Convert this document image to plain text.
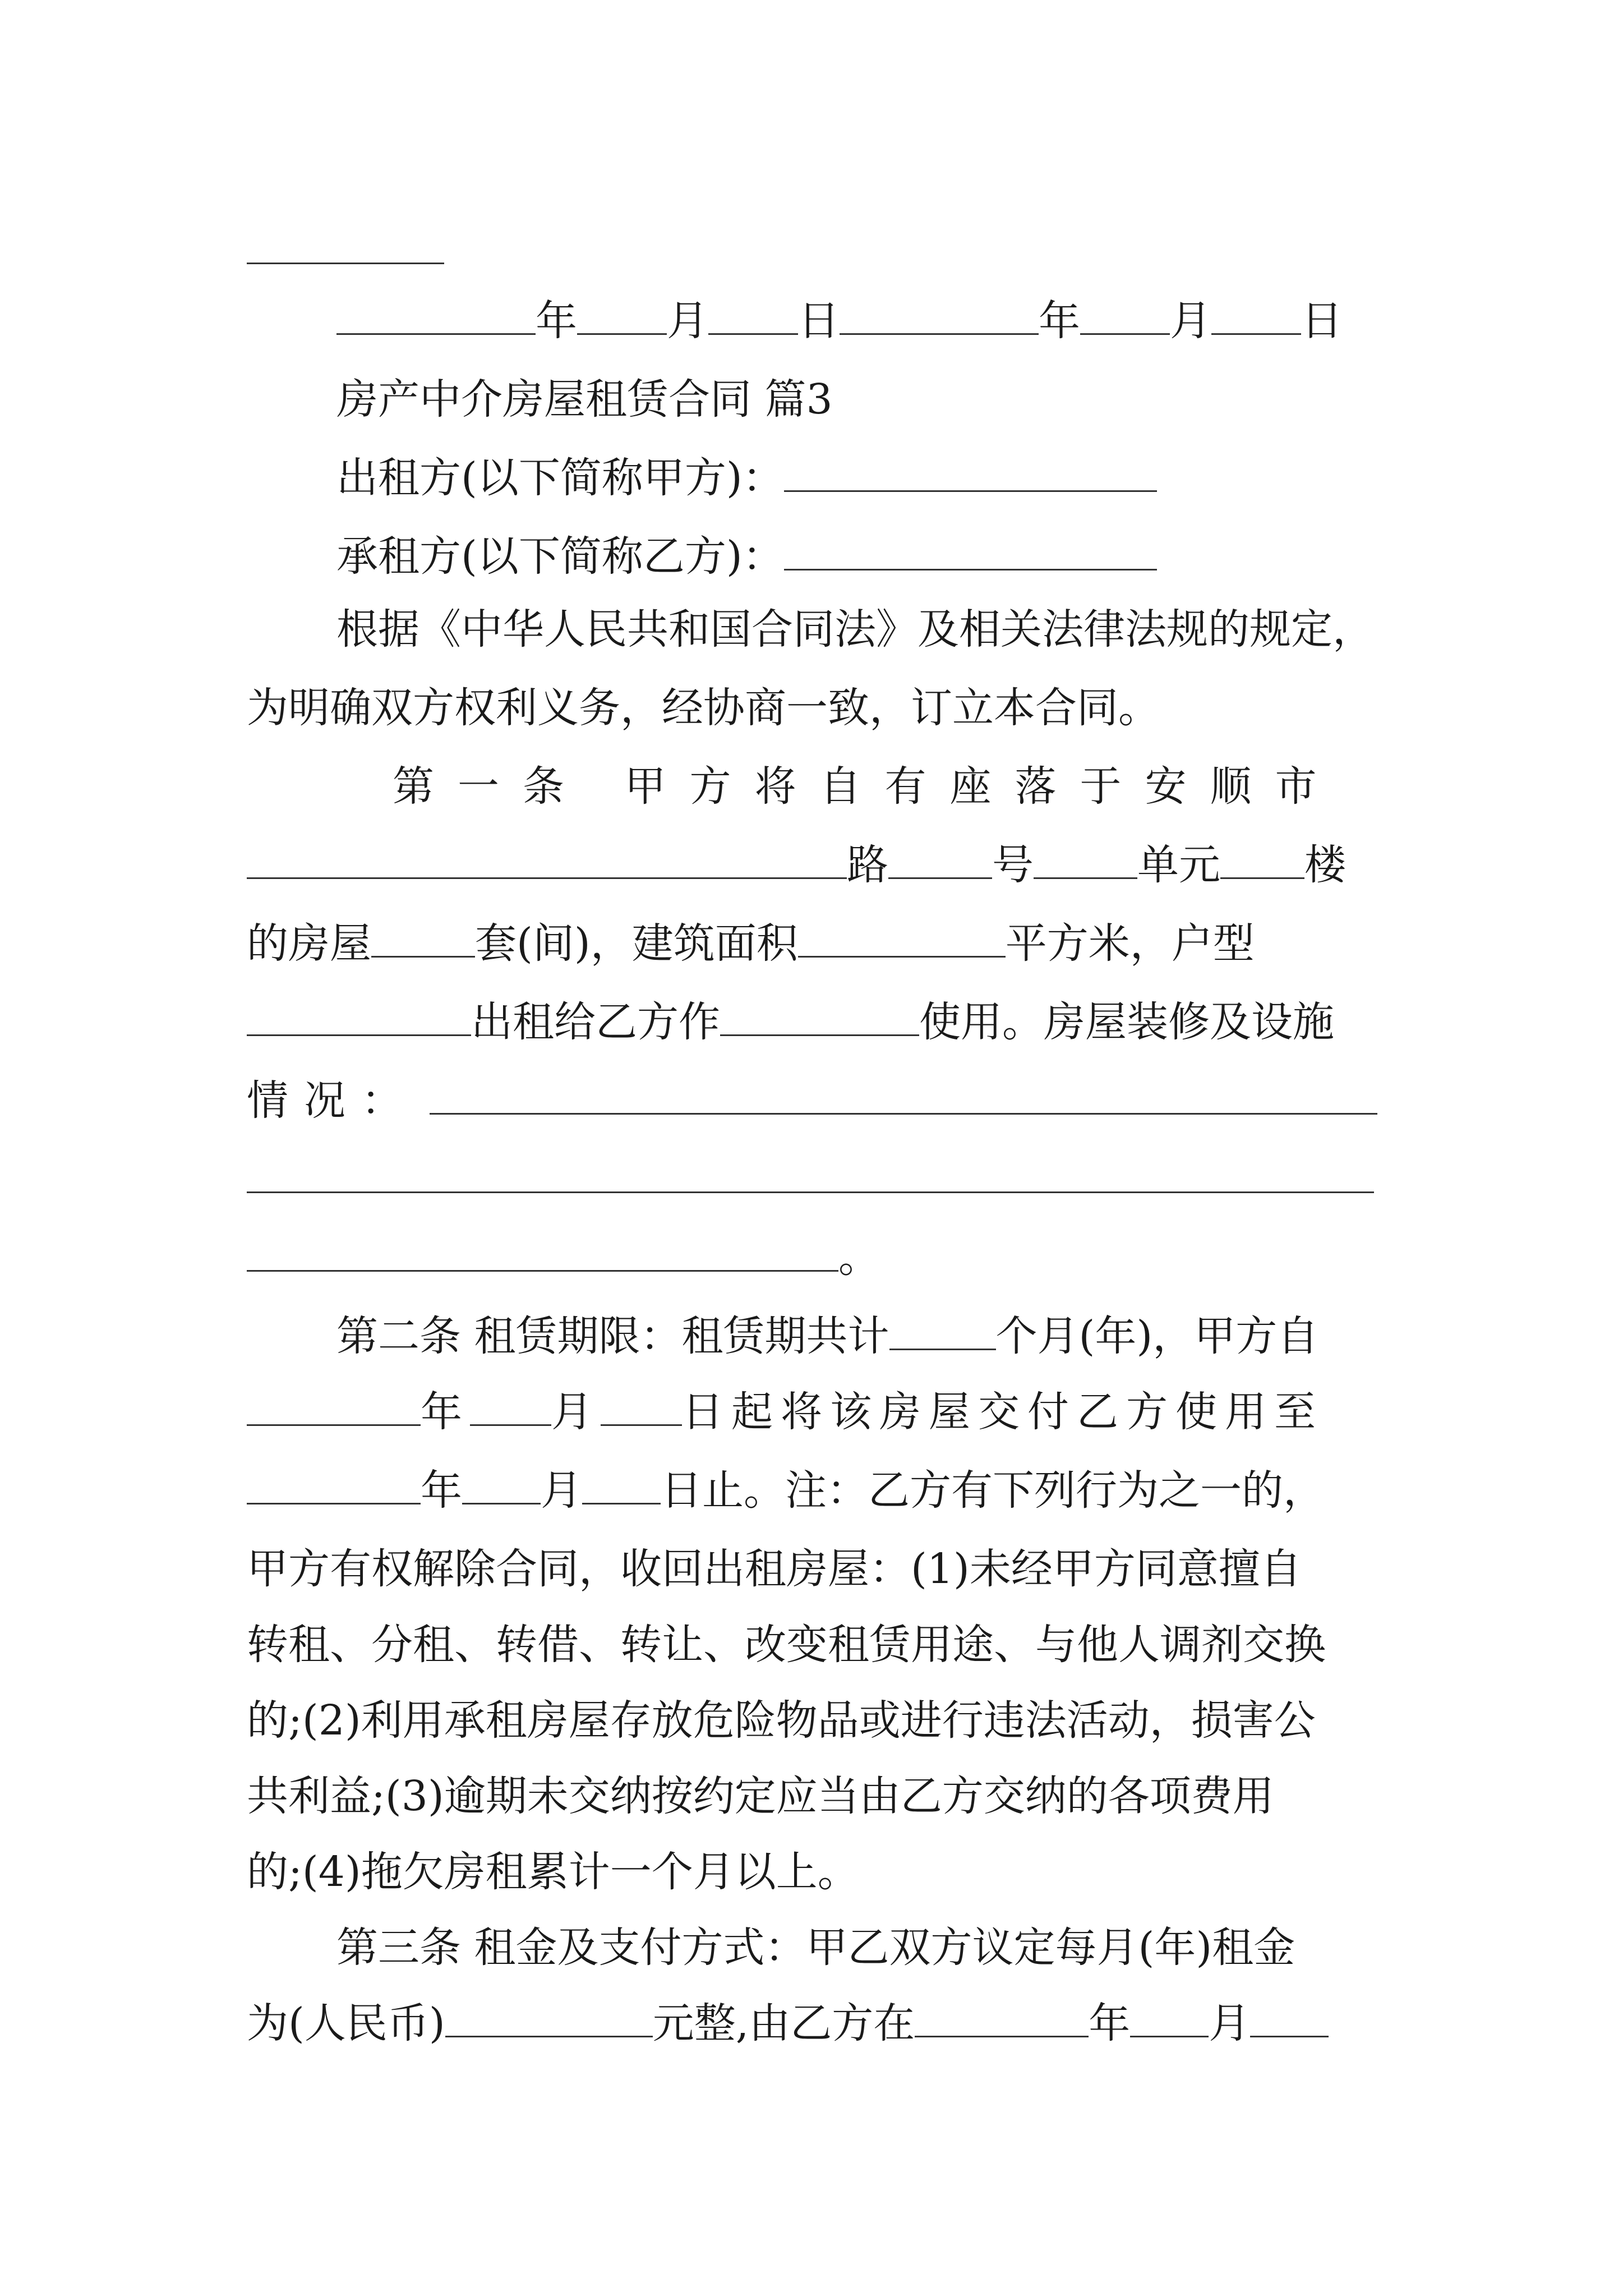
年 月 日	年 月 日
房产中介房屋租赁合同 篇3
出租方(以下简称甲方)：
承租方(以下简称乙方)：
根据《中华人民共和国合同法》及相关法律法规的规定，
为明确双方权利义务，经协商一致，订立本合同。
第一条 甲方将自有座落于安顺市
路	号	单元 楼
的房屋	套(间)，建筑面积	平方米，户型
出租给乙方作	使用。房屋装修及设施
情况：
。
第二条 租赁期限：租赁期共计	个月(年)，甲方自
年 月 日起将该房屋交付乙方使用至
年 月 日止。注：乙方有下列行为之一的，
甲方有权解除合同，收回出租房屋：(1)未经甲方同意擅自
转租、分租、转借、转让、改变租赁用途、与他人调剂交换
的;(2)利用承租房屋存放危险物品或进行违法活动，损害公
共利益;(3)逾期未交纳按约定应当由乙方交纳的各项费用
的;(4)拖欠房租累计一个月以上。
第三条 租金及支付方式：甲乙双方议定每月(年)租金
为(人民币)	元整,由乙方在	年 月
